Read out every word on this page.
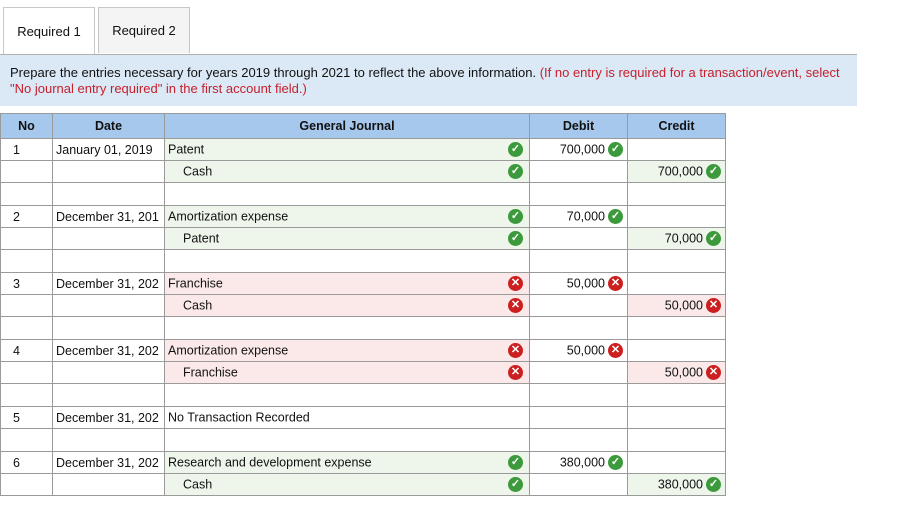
Required 1	Required 2
Prepare the entries necessary for years 2019 through 2021 to reflect the above information. (If no entry is required for a transaction/event, select "No journal entry required" in the first account field.)
No	Date	General Journal	Debit	Credit
1	January 01, 2019	Patent ✓	700,000 ✓	
		Cash ✓		700,000 ✓

2	December 31, 201	Amortization expense ✓	70,000 ✓	
		Patent ✓		70,000 ✓

3	December 31, 202	Franchise ✕	50,000 ✕	
		Cash ✕		50,000 ✕

4	December 31, 202	Amortization expense ✕	50,000 ✕	
		Franchise ✕		50,000 ✕

5	December 31, 202	No Transaction Recorded		

6	December 31, 202	Research and development expense ✓	380,000 ✓	
		Cash ✓		380,000 ✓
